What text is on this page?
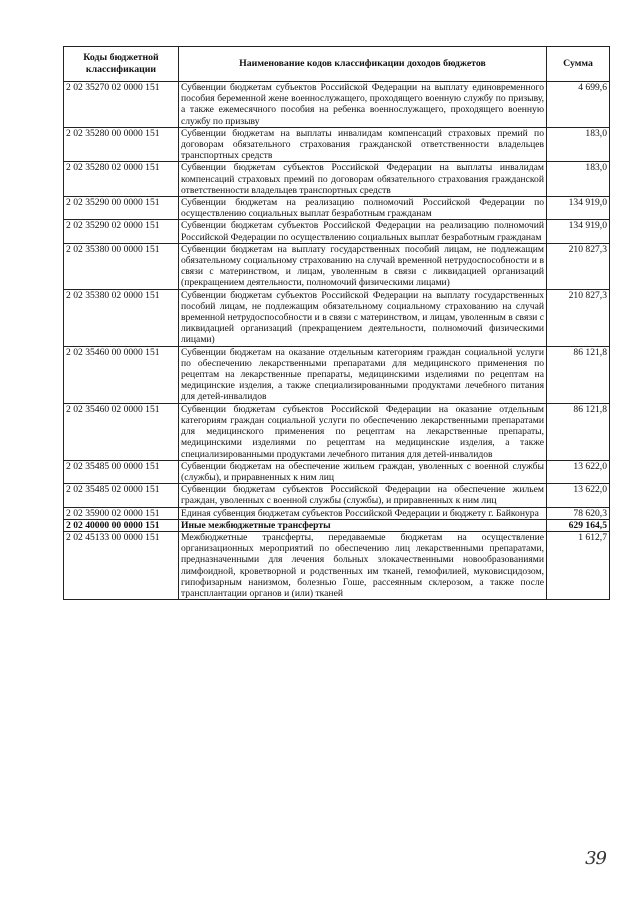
Коды бюджетной классификации	Наименование кодов классификации доходов бюджетов	Сумма
2 02 35270 02 0000 151	Субвенции бюджетам субъектов Российской Федерации на выплату единовременного пособия беременной жене военнослужащего, проходящего военную службу по призыву, а также ежемесячного пособия на ребенка военнослужащего, проходящего военную службу по призыву	4 699,6
2 02 35280 00 0000 151	Субвенции бюджетам на выплаты инвалидам компенсаций страховых премий по договорам обязательного страхования гражданской ответственности владельцев транспортных средств	183,0
2 02 35280 02 0000 151	Субвенции бюджетам субъектов Российской Федерации на выплаты инвалидам компенсаций страховых премий по договорам обязательного страхования гражданской ответственности владельцев транспортных средств	183,0
2 02 35290 00 0000 151	Субвенции бюджетам на реализацию полномочий Российской Федерации по осуществлению социальных выплат безработным гражданам	134 919,0
2 02 35290 02 0000 151	Субвенции бюджетам субъектов Российской Федерации на реализацию полномочий Российской Федерации по осуществлению социальных выплат безработным гражданам	134 919,0
2 02 35380 00 0000 151	Субвенции бюджетам на выплату государственных пособий лицам, не подлежащим обязательному социальному страхованию на случай временной нетрудоспособности и в связи с материнством, и лицам, уволенным в связи с ликвидацией организаций (прекращением деятельности, полномочий физическими лицами)	210 827,3
2 02 35380 02 0000 151	Субвенции бюджетам субъектов Российской Федерации на выплату государственных пособий лицам, не подлежащим обязательному социальному страхованию на случай временной нетрудоспособности и в связи с материнством, и лицам, уволенным в связи с ликвидацией организаций (прекращением деятельности, полномочий физическими лицами)	210 827,3
2 02 35460 00 0000 151	Субвенции бюджетам на оказание отдельным категориям граждан социальной услуги по обеспечению лекарственными препаратами для медицинского применения по рецептам на лекарственные препараты, медицинскими изделиями по рецептам на медицинские изделия, а также специализированными продуктами лечебного питания для детей-инвалидов	86 121,8
2 02 35460 02 0000 151	Субвенции бюджетам субъектов Российской Федерации на оказание отдельным категориям граждан социальной услуги по обеспечению лекарственными препаратами для медицинского применения по рецептам на лекарственные препараты, медицинскими изделиями по рецептам на медицинские изделия, а также специализированными продуктами лечебного питания для детей-инвалидов	86 121,8
2 02 35485 00 0000 151	Субвенции бюджетам на обеспечение жильем граждан, уволенных с военной службы (службы), и приравненных к ним лиц	13 622,0
2 02 35485 02 0000 151	Субвенции бюджетам субъектов Российской Федерации на обеспечение жильем граждан, уволенных с военной службы (службы), и приравненных к ним лиц	13 622,0
2 02 35900 02 0000 151	Единая субвенция бюджетам субъектов Российской Федерации и бюджету г. Байконура	78 620,3
2 02 40000 00 0000 151	Иные межбюджетные трансферты	629 164,5
2 02 45133 00 0000 151	Межбюджетные трансферты, передаваемые бюджетам на осуществление организационных мероприятий по обеспечению лиц лекарственными препаратами, предназначенными для лечения больных злокачественными новообразованиями лимфоидной, кроветворной и родственных им тканей, гемофилией, муковисцидозом, гипофизарным нанизмом, болезнью Гоше, рассеянным склерозом, а также после трансплантации органов и (или) тканей	1 612,7
39
